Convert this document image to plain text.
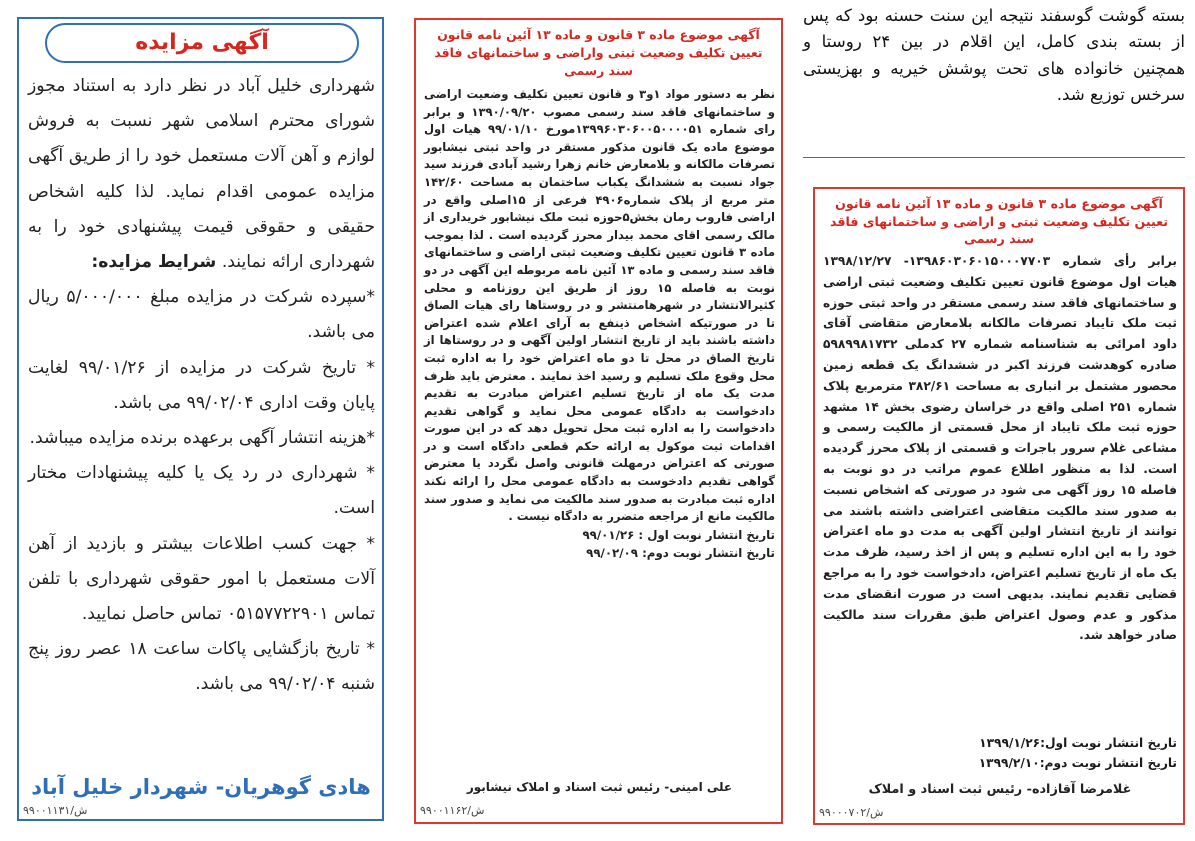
آگهی مزایده

شهرداری خلیل آباد در نظر دارد به استناد مجوز شورای محترم اسلامی شهر نسبت به فروش لوازم و آهن آلات مستعمل خود را از طریق آگهی مزایده عمومی اقدام نماید. لذا کلیه اشخاص حقیقی و حقوقی قیمت پیشنهادی خود را به شهرداری ارائه نمایند. شرایط مزایده:

*سپرده شرکت در مزایده مبلغ ۵/۰۰۰/۰۰۰ ریال می باشد.

* تاریخ شرکت در مزایده از ۹۹/۰۱/۲۶ لغایت پایان وقت اداری ۹۹/۰۲/۰۴ می باشد.

*هزینه انتشار آگهی برعهده برنده مزایده میباشد.

* شهرداری در رد یک یا کلیه پیشنهادات مختار است.

* جهت کسب اطلاعات بیشتر و بازدید از آهن آلات مستعمل با امور حقوقی شهرداری با تلفن تماس ۰۵۱۵۷۷۲۲۹۰۱ تماس حاصل نمایید.

* تاریخ بازگشایی پاکات ساعت ۱۸ عصر روز پنج شنبه ۹۹/۰۲/۰۴ می باشد.

هادی گوهریان- شهردار خلیل آباد
ش/۹۹۰۰۱۱۳۱
آگهی موضوع ماده ۳ قانون و ماده ۱۳ آئین نامه قانون تعیین تکلیف وضعیت ثبتی واراضی و ساختمانهای فاقد سند رسمی

نظر به دستور مواد ۱و۳ و قانون تعیین تکلیف وضعیت اراضی و ساختمانهای فاقد سند رسمی مصوب ۱۳۹۰/۰۹/۲۰ و برابر رای شماره ۱۳۹۹۶۰۳۰۶۰۰۵۰۰۰۰۵۱مورخ ۹۹/۰۱/۱۰ هیات اول موضوع ماده یک قانون مذکور مستقر در واحد ثبتی نیشابور تصرفات مالکانه و بلامعارض خانم زهرا رشید آبادی فرزند سید جواد نسبت به ششدانگ یکباب ساختمان به مساحت ۱۴۲/۶۰ متر مربع از پلاک شماره۴۹۰۶ فرعی از ۱۵اصلی واقع در اراضی فاروب رمان بخش۵حوزه ثبت ملک نیشابور خریداری از مالک رسمی اقای محمد بیدار محرز گردیده است . لذا بموجب ماده ۳ قانون تعیین تکلیف وضعیت ثبتی اراضی و ساختمانهای فاقد سند رسمی و ماده ۱۳ آئین نامه مربوطه این آگهی در دو نوبت به فاصله ۱۵ روز از طریق این روزنامه و محلی کثیرالانتشار در شهرهامنتشر و در روستاها رای هیات الصاق تا در صورتیکه اشخاص ذینفع به آرای اعلام شده اعتراض داشته باشند باید از تاریخ انتشار اولین آگهی و در روستاها از تاریخ الصاق در محل تا دو ماه اعتراض خود را به اداره ثبت محل وقوع ملک تسلیم و رسید اخذ نمایند . معترض باید ظرف مدت یک ماه از تاریخ تسلیم اعتراض مبادرت به تقدیم دادخواست به دادگاه عمومی محل نماید و گواهی تقدیم دادخواست را به اداره ثبت محل تحویل دهد که در این صورت اقدامات ثبت موکول به ارائه حکم قطعی دادگاه است و در صورتی که اعتراض درمهلت قانونی واصل نگردد یا معترض گواهی تقدیم دادخوست به دادگاه عمومی محل را ارائه نکند اداره ثبت مبادرت به صدور سند مالکیت می نماید و صدور سند مالکیت مانع از مراجعه متضرر به دادگاه نیست .

تاریخ انتشار نوبت اول : ۹۹/۰۱/۲۶

تاریخ انتشار نوبت دوم: ۹۹/۰۲/۰۹

علی امینی- رئیس ثبت اسناد و املاک نیشابور
ش/۹۹۰۰۱۱۶۲
بسته گوشت گوسفند نتیجه این سنت حسنه بود که پس از بسته بندی کامل، این اقلام در بین ۲۴ روستا و همچنین خانواده های تحت پوشش خیریه و بهزیستی سرخس توزیع شد.
آگهی موضوع ماده ۳ قانون و ماده ۱۳ آئین نامه قانون تعیین تکلیف وضعیت ثبتی و اراضی و ساختمانهای فاقد سند رسمی

برابر رأی شماره ۱۳۹۸۶۰۳۰۶۰۱۵۰۰۰۷۷۰۳- ۱۳۹۸/۱۲/۲۷ هیات اول موضوع قانون تعیین تکلیف وضعیت ثبتی اراضی و ساختمانهای فاقد سند رسمی مستقر در واحد ثبتی حوزه ثبت ملک تایباد تصرفات مالکانه بلامعارض متقاضی آقای داود امرائی به شناسنامه شماره ۲۷ کدملی ۵۹۸۹۹۸۱۷۳۲ صادره کوهدشت فرزند اکبر در ششدانگ یک قطعه زمین محصور مشتمل بر انباری به مساحت ۳۸۲/۶۱ مترمربع پلاک شماره ۲۵۱ اصلی واقع در خراسان رضوی بخش ۱۴ مشهد حوزه ثبت ملک تایباد از محل قسمتی از مالکیت رسمی و مشاعی غلام سرور باجرات و قسمتی از پلاک محرز گردیده است. لذا به منظور اطلاع عموم مراتب در دو نوبت به فاصله ۱۵ روز آگهی می شود در صورتی که اشخاص نسبت به صدور سند مالکیت متقاضی اعتراضی داشته باشند می توانند از تاریخ انتشار اولین آگهی به مدت دو ماه اعتراض خود را به این اداره تسلیم و پس از اخذ رسید، ظرف مدت یک ماه از تاریخ تسلیم اعتراض، دادخواست خود را به مراجع قضایی تقدیم نمایند. بدیهی است در صورت انقضای مدت مذکور و عدم وصول اعتراض طبق مقررات سند مالکیت صادر خواهد شد.

تاریخ انتشار نوبت اول:۱۳۹۹/۱/۲۶
تاریخ انتشار نوبت دوم:۱۳۹۹/۲/۱۰
غلامرضا آقازاده- رئیس ثبت اسناد و املاک
ش/۹۹۰۰۰۷۰۲
